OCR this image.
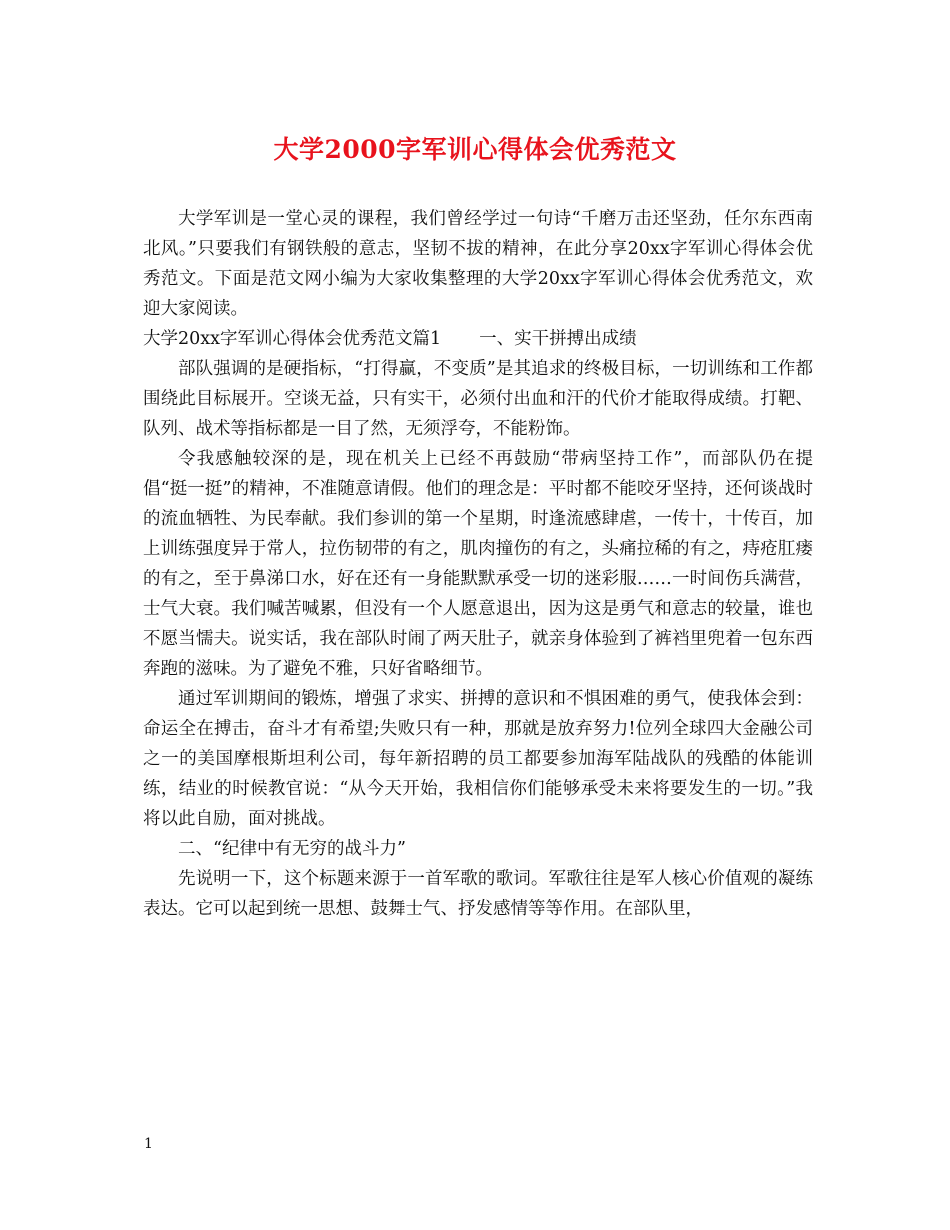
大学2000字军训心得体会优秀范文

大学军训是一堂心灵的课程，我们曾经学过一句诗“千磨万击还坚劲，任尔东西南北风。”只要我们有钢铁般的意志，坚韧不拔的精神，在此分享20xx字军训心得体会优秀范文。下面是范文网小编为大家收集整理的大学20xx字军训心得体会优秀范文，欢迎大家阅读。

大学20xx字军训心得体会优秀范文篇1 一、实干拼搏出成绩

部队强调的是硬指标，“打得赢，不变质”是其追求的终极目标，一切训练和工作都围绕此目标展开。空谈无益，只有实干，必须付出血和汗的代价才能取得成绩。打靶、队列、战术等指标都是一目了然，无须浮夸，不能粉饰。

令我感触较深的是，现在机关上已经不再鼓励“带病坚持工作”，而部队仍在提倡“挺一挺”的精神，不准随意请假。他们的理念是：平时都不能咬牙坚持，还何谈战时的流血牺牲、为民奉献。我们参训的第一个星期，时逢流感肆虐，一传十，十传百，加上训练强度异于常人，拉伤韧带的有之，肌肉撞伤的有之，头痛拉稀的有之，痔疮肛瘘的有之，至于鼻涕口水，好在还有一身能默默承受一切的迷彩服……一时间伤兵满营，士气大衰。我们喊苦喊累，但没有一个人愿意退出，因为这是勇气和意志的较量，谁也不愿当懦夫。说实话，我在部队时闹了两天肚子，就亲身体验到了裤裆里兜着一包东西奔跑的滋味。为了避免不雅，只好省略细节。

通过军训期间的锻炼，增强了求实、拼搏的意识和不惧困难的勇气，使我体会到：命运全在搏击，奋斗才有希望;失败只有一种，那就是放弃努力!位列全球四大金融公司之一的美国摩根斯坦利公司，每年新招聘的员工都要参加海军陆战队的残酷的体能训练，结业的时候教官说：“从今天开始，我相信你们能够承受未来将要发生的一切。”我将以此自励，面对挑战。

二、“纪律中有无穷的战斗力”

先说明一下，这个标题来源于一首军歌的歌词。军歌往往是军人核心价值观的凝练表达。它可以起到统一思想、鼓舞士气、抒发感情等等作用。在部队里，

1
